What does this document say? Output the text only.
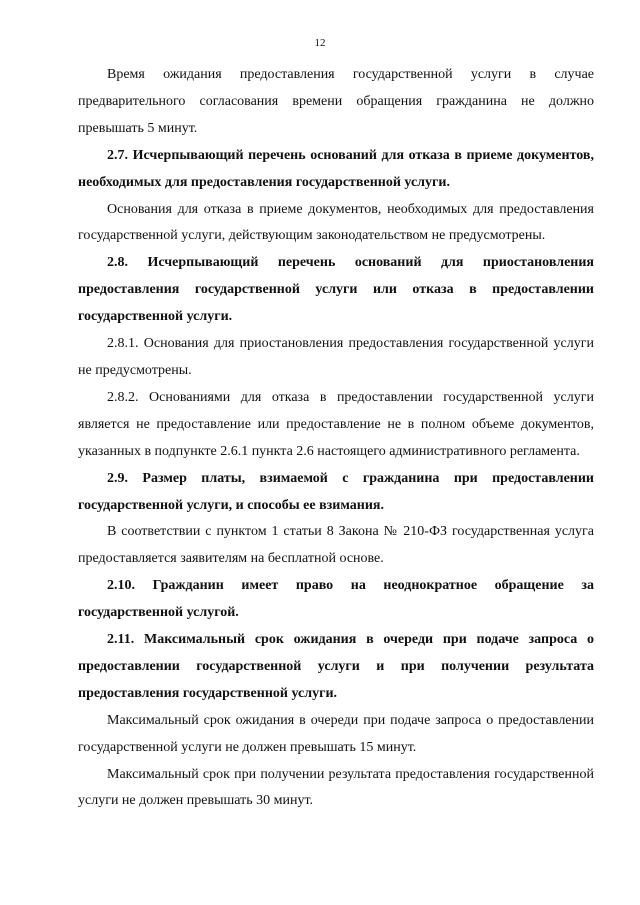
12

Время ожидания предоставления государственной услуги в случае предварительного согласования времени обращения гражданина не должно превышать 5 минут.

2.7. Исчерпывающий перечень оснований для отказа в приеме документов, необходимых для предоставления государственной услуги.

Основания для отказа в приеме документов, необходимых для предоставления государственной услуги, действующим законодательством не предусмотрены.

2.8. Исчерпывающий перечень оснований для приостановления предоставления государственной услуги или отказа в предоставлении государственной услуги.

2.8.1. Основания для приостановления предоставления государственной услуги не предусмотрены.

2.8.2. Основаниями для отказа в предоставлении государственной услуги является не предоставление или предоставление не в полном объеме документов, указанных в подпункте 2.6.1 пункта 2.6 настоящего административного регламента.

2.9. Размер платы, взимаемой с гражданина при предоставлении государственной услуги, и способы ее взимания.

В соответствии с пунктом 1 статьи 8 Закона № 210-ФЗ государственная услуга предоставляется заявителям на бесплатной основе.

2.10. Гражданин имеет право на неоднократное обращение за государственной услугой.

2.11. Максимальный срок ожидания в очереди при подаче запроса о предоставлении государственной услуги и при получении результата предоставления государственной услуги.

Максимальный срок ожидания в очереди при подаче запроса о предоставлении государственной услуги не должен превышать 15 минут.

Максимальный срок при получении результата предоставления государственной услуги не должен превышать 30 минут.
